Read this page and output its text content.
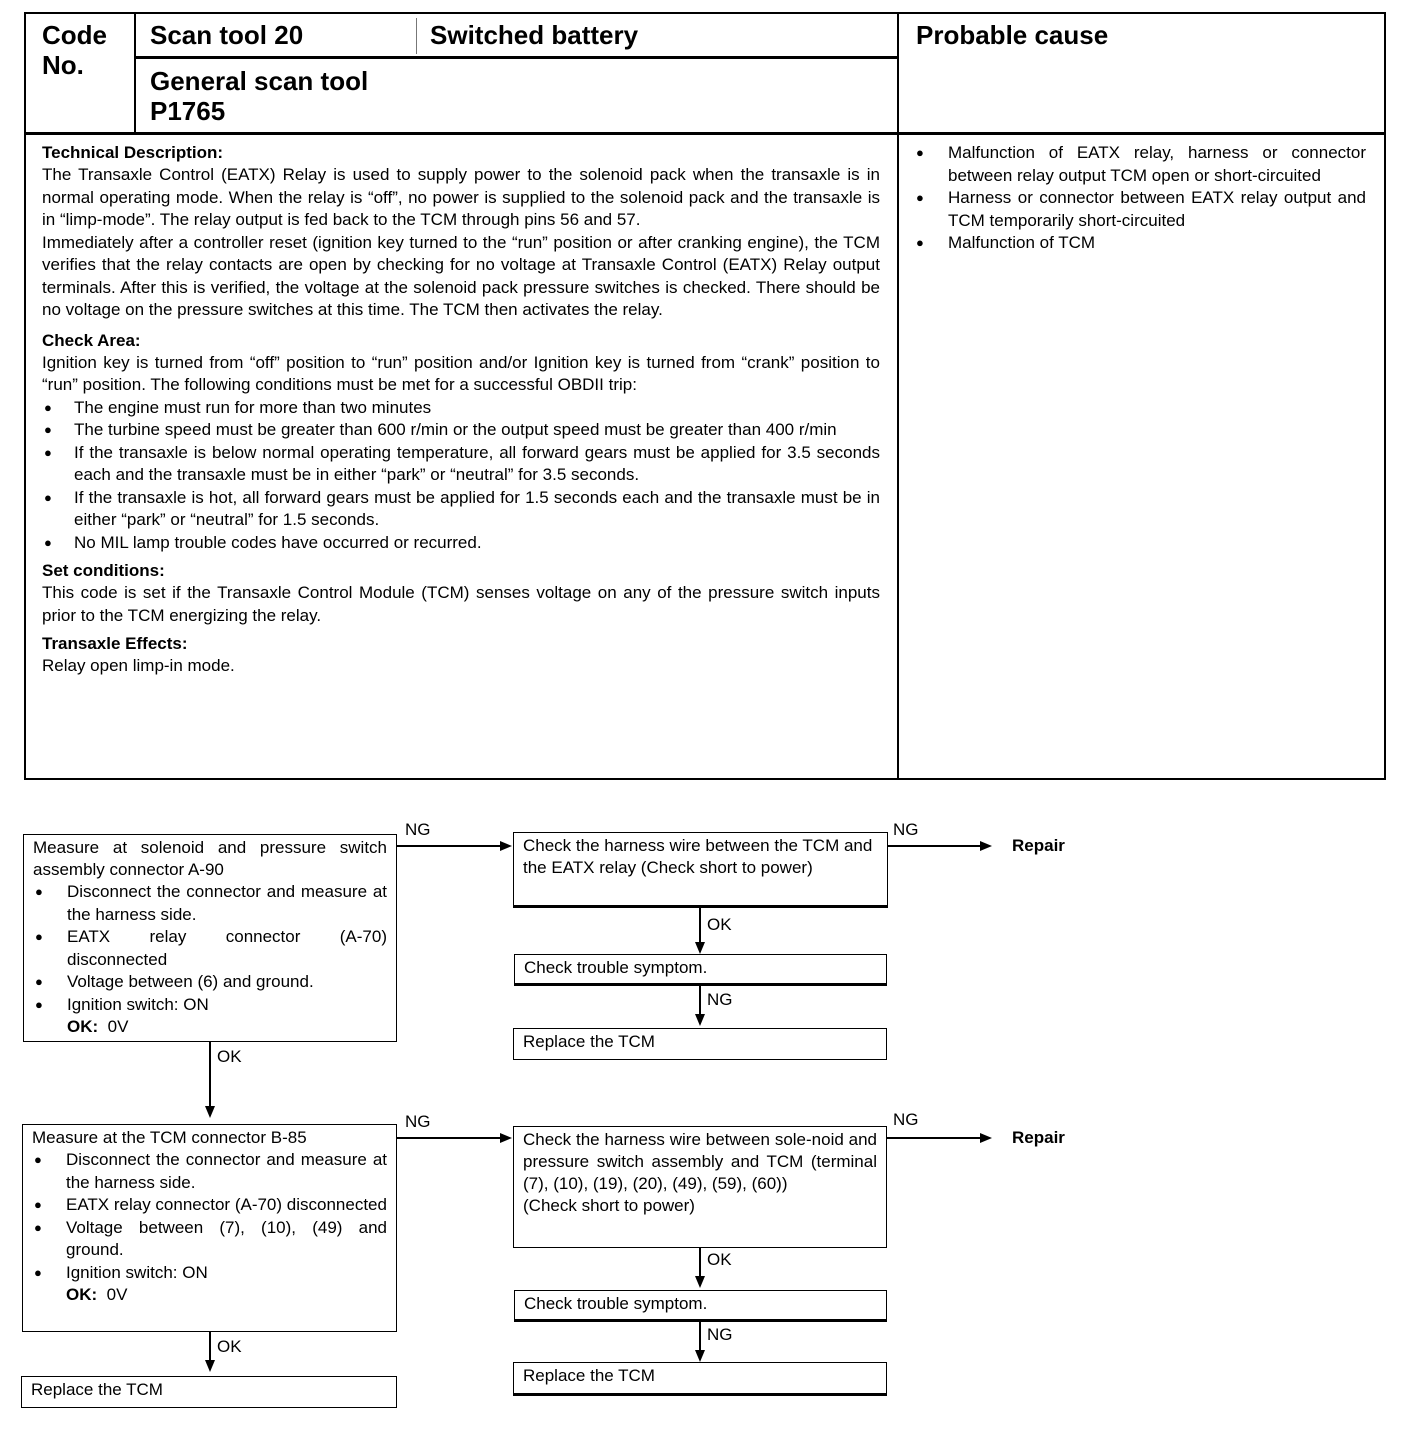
Code No.
Scan tool 20	Switched battery
General scan tool
P1765
Probable cause
Technical Description:
The Transaxle Control (EATX) Relay is used to supply power to the solenoid pack when the transaxle is in normal operating mode. When the relay is “off”, no power is supplied to the solenoid pack and the transaxle is in “limp-mode”. The relay output is fed back to the TCM through pins 56 and 57.
Immediately after a controller reset (ignition key turned to the “run” position or after cranking engine), the TCM verifies that the relay contacts are open by checking for no voltage at Transaxle Control (EATX) Relay output terminals. After this is verified, the voltage at the solenoid pack pressure switches is checked. There should be no voltage on the pressure switches at this time. The TCM then activates the relay.
Check Area:
Ignition key is turned from “off” position to “run” position and/or Ignition key is turned from “crank” position to “run” position. The following conditions must be met for a successful OBDII trip:
● The engine must run for more than two minutes
● The turbine speed must be greater than 600 r/min or the output speed must be greater than 400 r/min
● If the transaxle is below normal operating temperature, all forward gears must be applied for 3.5 seconds each and the transaxle must be in either “park” or “neutral” for 3.5 seconds.
● If the transaxle is hot, all forward gears must be applied for 1.5 seconds each and the transaxle must be in either “park” or “neutral” for 1.5 seconds.
● No MIL lamp trouble codes have occurred or recurred.
Set conditions:
This code is set if the Transaxle Control Module (TCM) senses voltage on any of the pressure switch inputs prior to the TCM energizing the relay.
Transaxle Effects:
Relay open limp-in mode.
● Malfunction of EATX relay, harness or connector between relay output TCM open or short-circuited
● Harness or connector between EATX relay output and TCM temporarily short-circuited
● Malfunction of TCM
Measure at solenoid and pressure switch assembly connector A-90
● Disconnect the connector and measure at the harness side.
● EATX relay connector (A-70) disconnected
● Voltage between (6) and ground.
● Ignition switch: ON
OK: 0V
NG
Check the harness wire between the TCM and the EATX relay (Check short to power)
NG
Repair
OK
Check trouble symptom.
NG
Replace the TCM
OK
Measure at the TCM connector B-85
● Disconnect the connector and measure at the harness side.
● EATX relay connector (A-70) disconnected
● Voltage between (7), (10), (49) and ground.
● Ignition switch: ON
OK: 0V
NG
Check the harness wire between sole-noid and pressure switch assembly and TCM (terminal (7), (10), (19), (20), (49), (59), (60))
(Check short to power)
NG
Repair
OK
Check trouble symptom.
NG
Replace the TCM
OK
Replace the TCM
